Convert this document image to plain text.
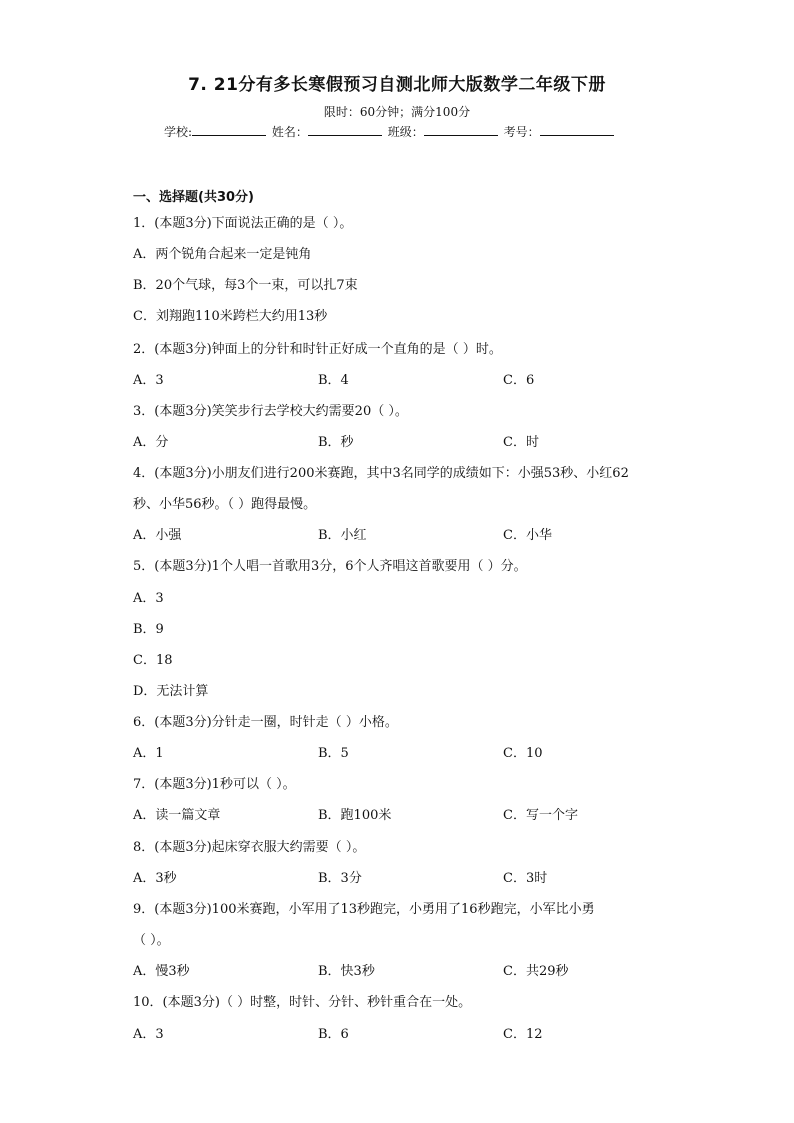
7. 21分有多长寒假预习自测北师大版数学二年级下册
限时：60分钟；满分100分
学校:	姓名：	班级：	考号：
一、选择题(共30分)
1．(本题3分)下面说法正确的是（ ）。
A．两个锐角合起来一定是钝角
B．20个气球，每3个一束，可以扎7束
C．刘翔跑110米跨栏大约用13秒
2．(本题3分)钟面上的分针和时针正好成一个直角的是（ ）时。
A．3	B．4	C．6
3．(本题3分)笑笑步行去学校大约需要20（ ）。
A．分	B．秒	C．时
4．(本题3分)小朋友们进行200米赛跑，其中3名同学的成绩如下：小强53秒、小红62
秒、小华56秒。（ ）跑得最慢。
A．小强	B．小红	C．小华
5．(本题3分)1个人唱一首歌用3分，6个人齐唱这首歌要用（ ）分。
A．3
B．9
C．18
D．无法计算
6．(本题3分)分针走一圈，时针走（ ）小格。
A．1	B．5	C．10
7．(本题3分)1秒可以（ ）。
A．读一篇文章	B．跑100米	C．写一个字
8．(本题3分)起床穿衣服大约需要（ ）。
A．3秒	B．3分	C．3时
9．(本题3分)100米赛跑，小军用了13秒跑完，小勇用了16秒跑完，小军比小勇
（ ）。
A．慢3秒	B．快3秒	C．共29秒
10．(本题3分)（ ）时整，时针、分针、秒针重合在一处。
A．3	B．6	C．12
